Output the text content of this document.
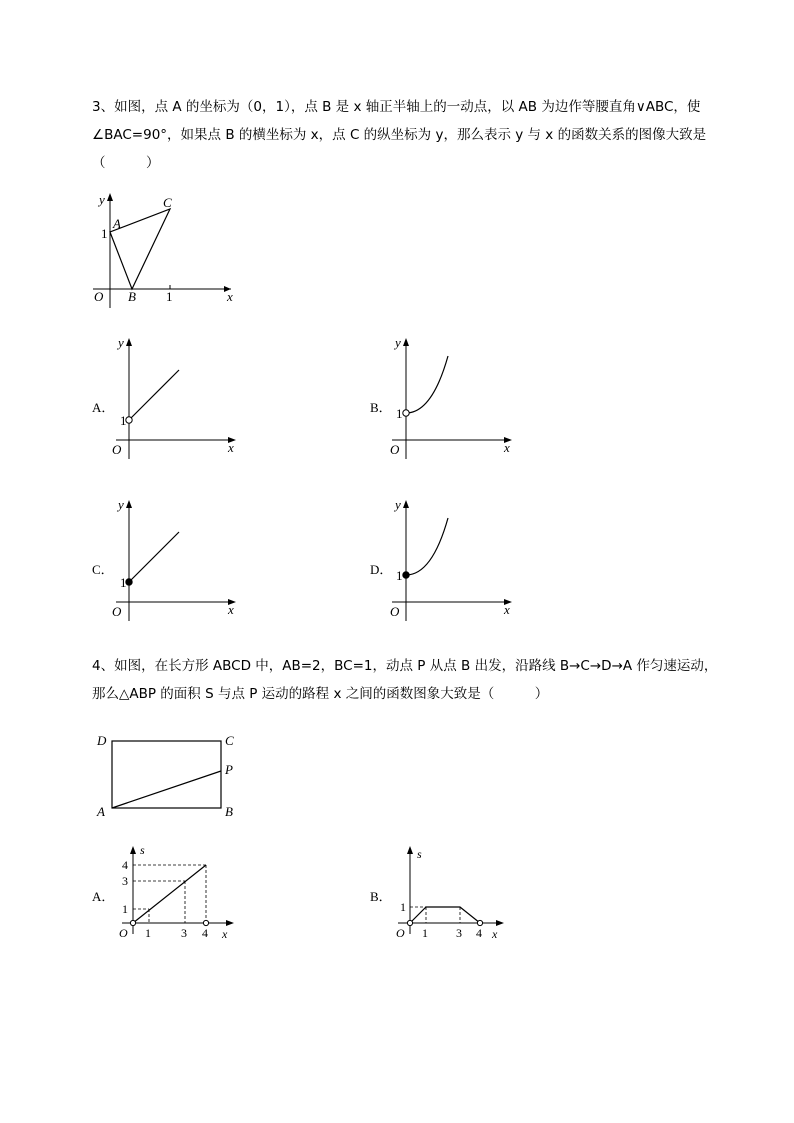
3、如图，点 A 的坐标为（0，1），点 B 是 x 轴正半轴上的一动点，以 AB 为边作等腰直角∨ABC，使
∠BAC=90°，如果点 B 的横坐标为 x，点 C 的纵坐标为 y，那么表示 y 与 x 的函数关系的图像大致是
（　　　）
y
A
C
1
O B 1	x
A．
y
1
O	x
B．
y
1
O	x
C．
y
1
O	x
D．
y
1
O	x
4、如图，在长方形 ABCD 中，AB=2，BC=1，动点 P 从点 B 出发，沿路线 B→C→D→A 作匀速运动，
那么△ABP 的面积 S 与点 P 运动的路程 x 之间的函数图象大致是（　　　）
D	C
P
A	B
A．
s
4
3
1
O 1	3 4 x
B．
s
1
O 1 3 4 x
